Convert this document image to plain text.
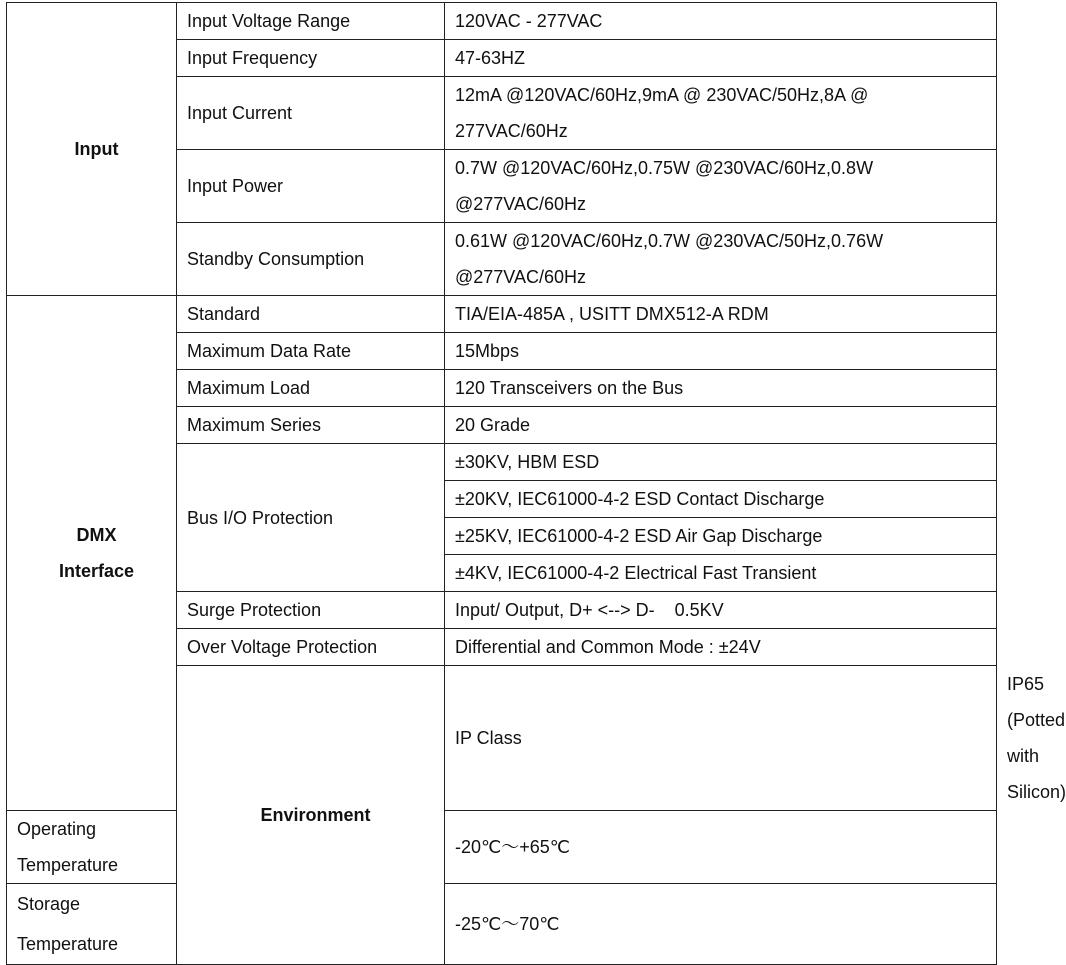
Input	Input Voltage Range	120VAC - 277VAC	
	Input Frequency	47-63HZ	
	Input Current	12mA @120VAC/60Hz,9mA @ 230VAC/50Hz,8A @
277VAC/60Hz	
	Input Power	0.7W @120VAC/60Hz,0.75W @230VAC/60Hz,0.8W
@277VAC/60Hz	
	Standby Consumption	0.61W @120VAC/60Hz,0.7W @230VAC/50Hz,0.76W
@277VAC/60Hz	
DMX
Interface	Standard	TIA/EIA-485A , USITT DMX512-A RDM	
	Maximum Data Rate	15Mbps	
	Maximum Load	120 Transceivers on the Bus	
	Maximum Series	20 Grade	
	Bus I/O Protection	±30KV, HBM ESD	
		±20KV, IEC61000-4-2 ESD Contact Discharge	
		±25KV, IEC61000-4-2 ESD Air Gap Discharge	
		±4KV, IEC61000-4-2 Electrical Fast Transient	
	Surge Protection	Input/ Output, D+ <--> D-    0.5KV	
	Over Voltage Protection	Differential and Common Mode : ±24V	
	Environment	IP Class	IP65 (Potted with Silicon)
Operating Temperature		-20℃～+65℃	
Storage Temperature		-25℃～70℃	
